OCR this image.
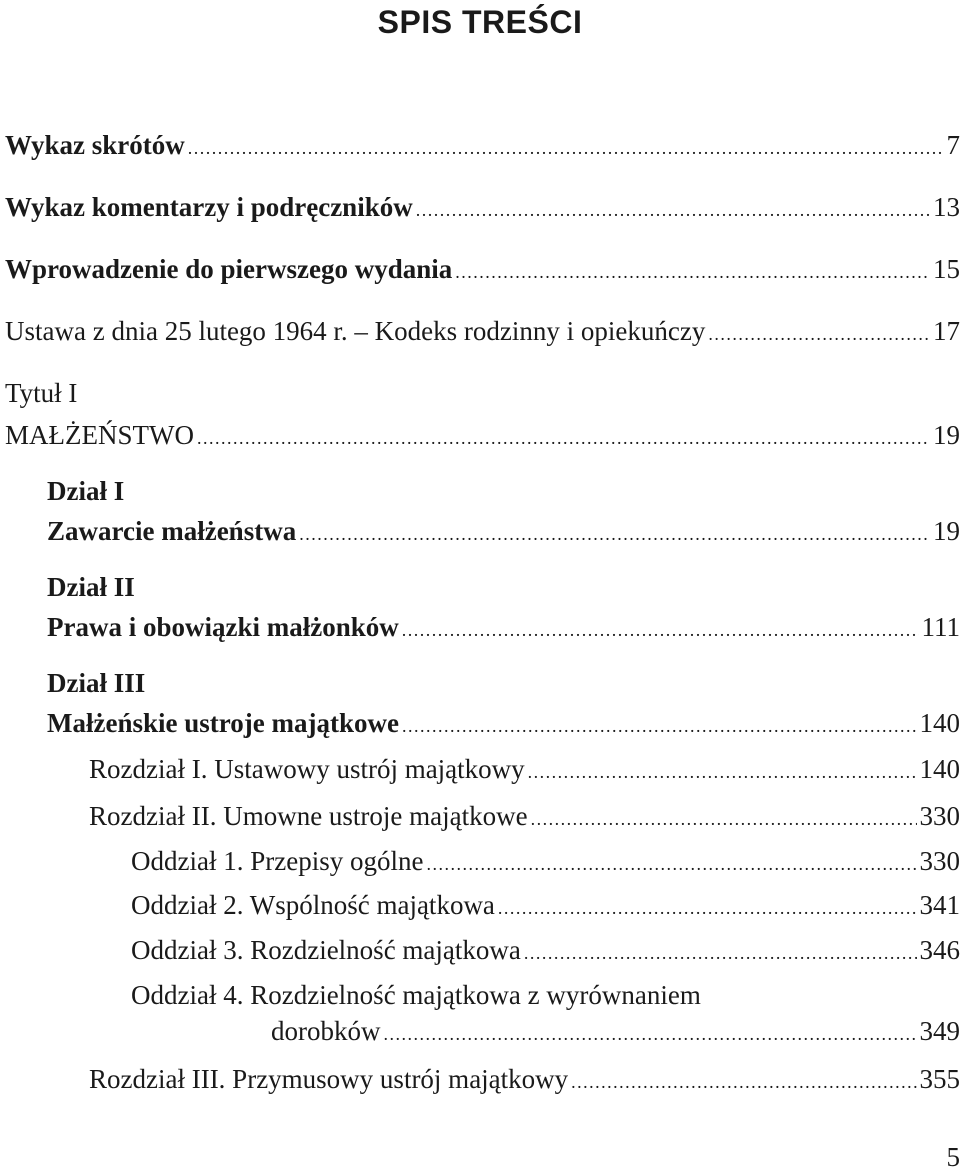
SPIS TREŚCI
Wykaz skrótów .....	7
Wykaz komentarzy i podręczników .....	13
Wprowadzenie do pierwszego wydania .....	15
Ustawa z dnia 25 lutego 1964 r. – Kodeks rodzinny i opiekuńczy .....	17
Tytuł I
MAŁŻEŃSTWO .....	19
Dział I
Zawarcie małżeństwa .....	19
Dział II
Prawa i obowiązki małżonków .....	111
Dział III
Małżeńskie ustroje majątkowe .....	140
Rozdział I. Ustawowy ustrój majątkowy .....	140
Rozdział II. Umowne ustroje majątkowe .....	330
Oddział 1. Przepisy ogólne .....	330
Oddział 2. Wspólność majątkowa .....	341
Oddział 3. Rozdzielność majątkowa .....	346
Oddział 4. Rozdzielność majątkowa z wyrównaniem
dorobków .....	349
Rozdział III. Przymusowy ustrój majątkowy .....	355
5
